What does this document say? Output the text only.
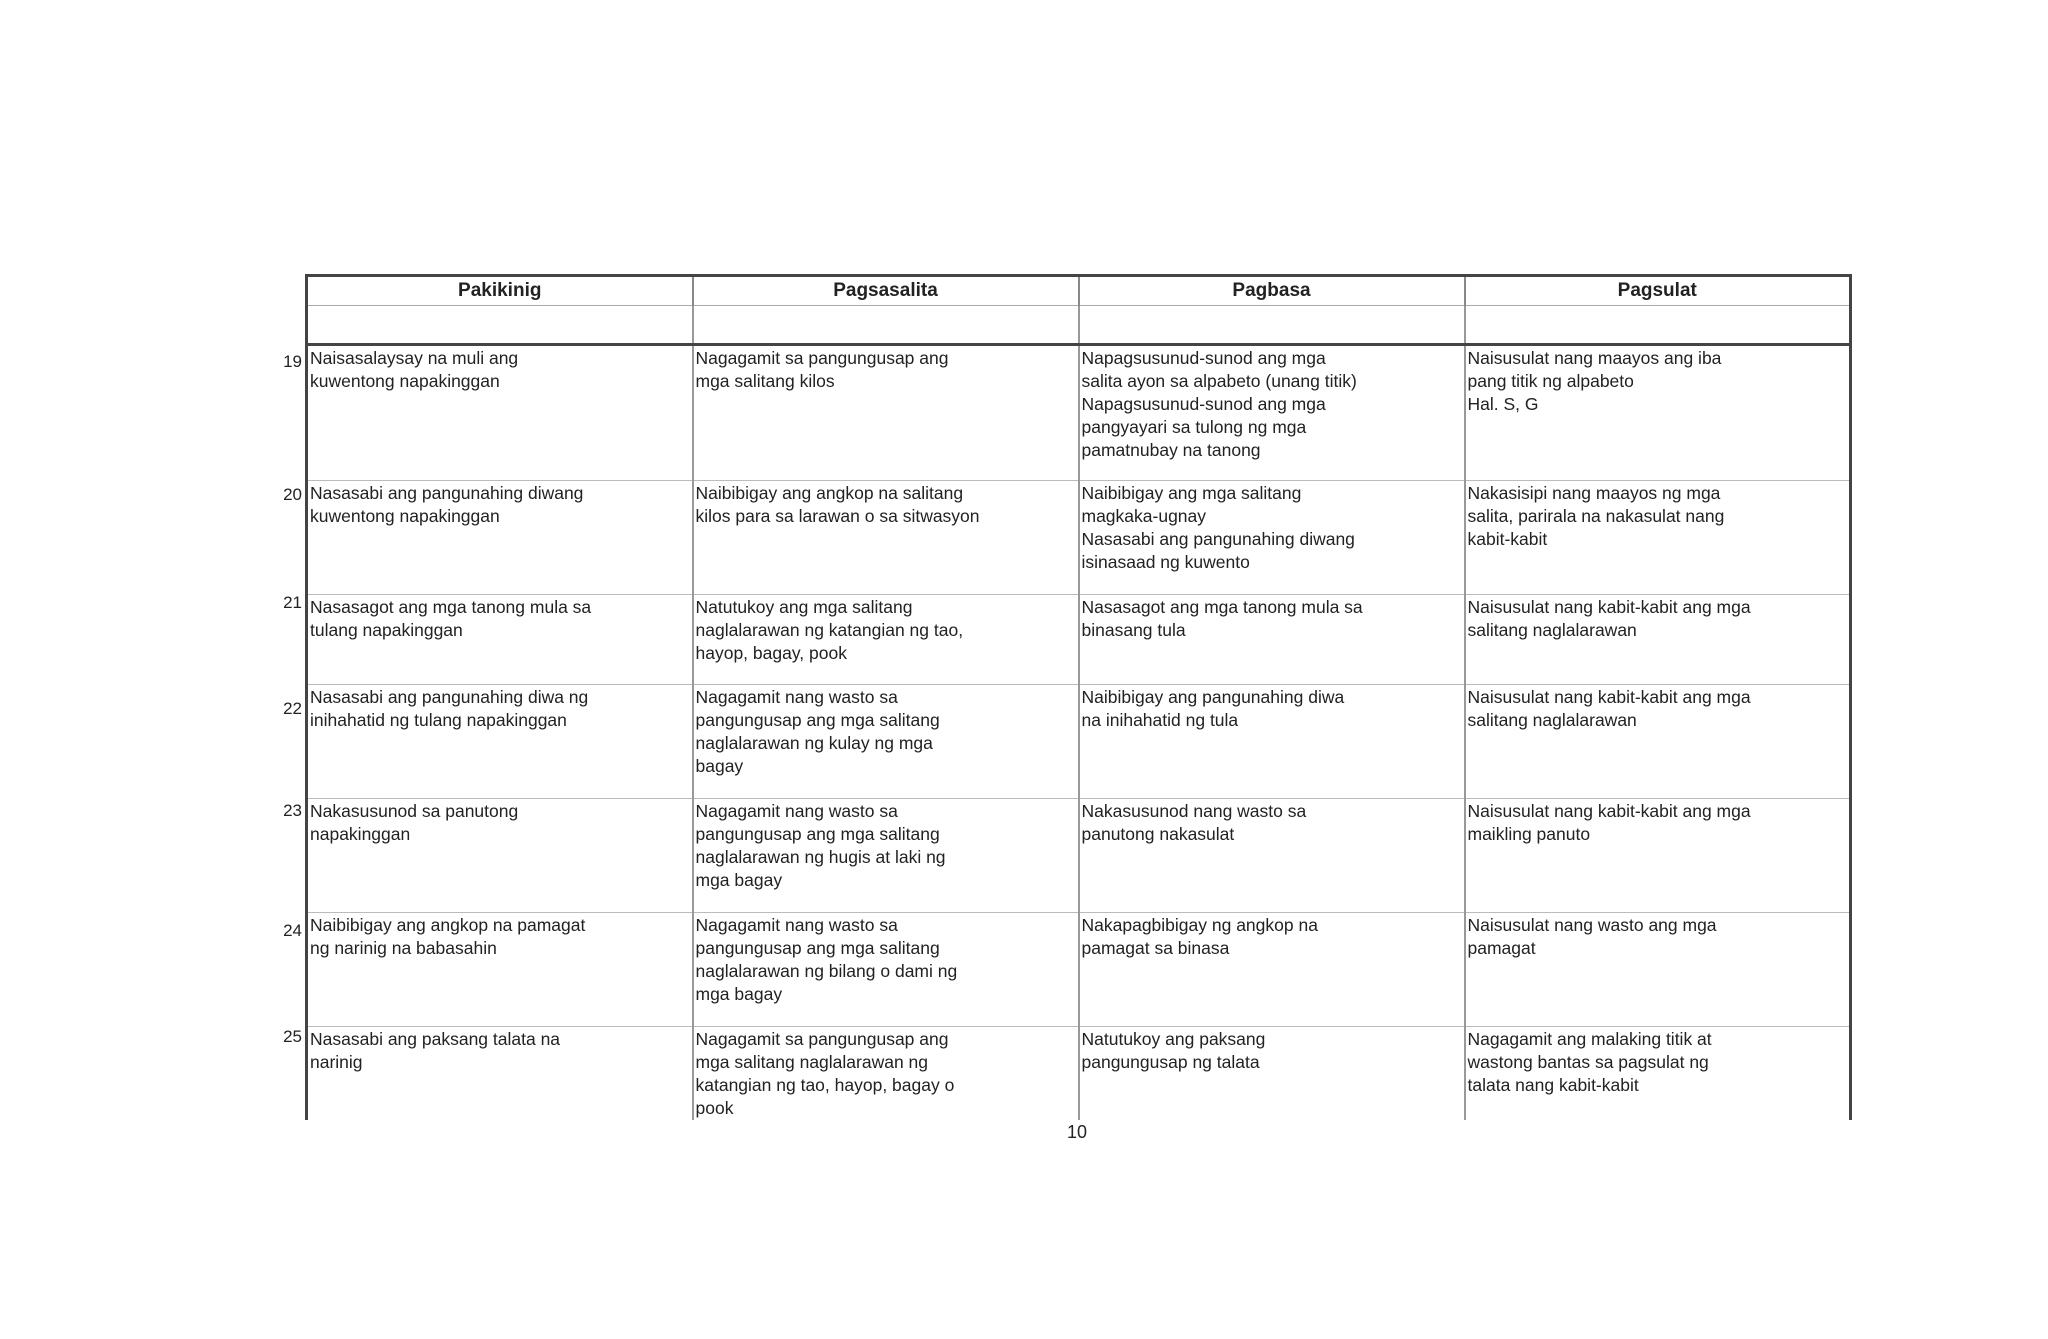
Pakikinig	Pagsasalita	Pagbasa	Pagsulat

19 Naisasalaysay na muli ang
kuwentong napakinggan	Nagagamit sa pangungusap ang
mga salitang kilos	Napagsusunud-sunod ang mga
salita ayon sa alpabeto (unang titik)
Napagsusunud-sunod ang mga
pangyayari sa tulong ng mga
pamatnubay na tanong	Naisusulat nang maayos ang iba
pang titik ng alpabeto
Hal. S, G

20 Nasasabi ang pangunahing diwang
kuwentong napakinggan	Naibibigay ang angkop na salitang
kilos para sa larawan o sa sitwasyon	Naibibigay ang mga salitang
magkaka-ugnay
Nasasabi ang pangunahing diwang
isinasaad ng kuwento	Nakasisipi nang maayos ng mga
salita, parirala na nakasulat nang
kabit-kabit

21 Nasasagot ang mga tanong mula sa
tulang napakinggan	Natutukoy ang mga salitang
naglalarawan ng katangian ng tao,
hayop, bagay, pook	Nasasagot ang mga tanong mula sa
binasang tula	Naisusulat nang kabit-kabit ang mga
salitang naglalarawan

22
Nasasabi ang pangunahing diwa ng
inihahatid ng tulang napakinggan	Nagagamit nang wasto sa
pangungusap ang mga salitang
naglalarawan ng kulay ng mga
bagay	Naibibigay ang pangunahing diwa
na inihahatid ng tula	Naisusulat nang kabit-kabit ang mga
salitang naglalarawan

23 Nakasusunod sa panutong
napakinggan	Nagagamit nang wasto sa
pangungusap ang mga salitang
naglalarawan ng hugis at laki ng
mga bagay	Nakasusunod nang wasto sa
panutong nakasulat	Naisusulat nang kabit-kabit ang mga
maikling panuto

24 Naibibigay ang angkop na pamagat
ng narinig na babasahin	Nagagamit nang wasto sa
pangungusap ang mga salitang
naglalarawan ng bilang o dami ng
mga bagay	Nakapagbibigay ng angkop na
pamagat sa binasa	Naisusulat nang wasto ang mga
pamagat

25 Nasasabi ang paksang talata na
narinig	Nagagamit sa pangungusap ang
mga salitang naglalarawan ng
katangian ng tao, hayop, bagay o
pook	Natutukoy ang paksang
pangungusap ng talata	Nagagamit ang malaking titik at
wastong bantas sa pagsulat ng
talata nang kabit-kabit
10
